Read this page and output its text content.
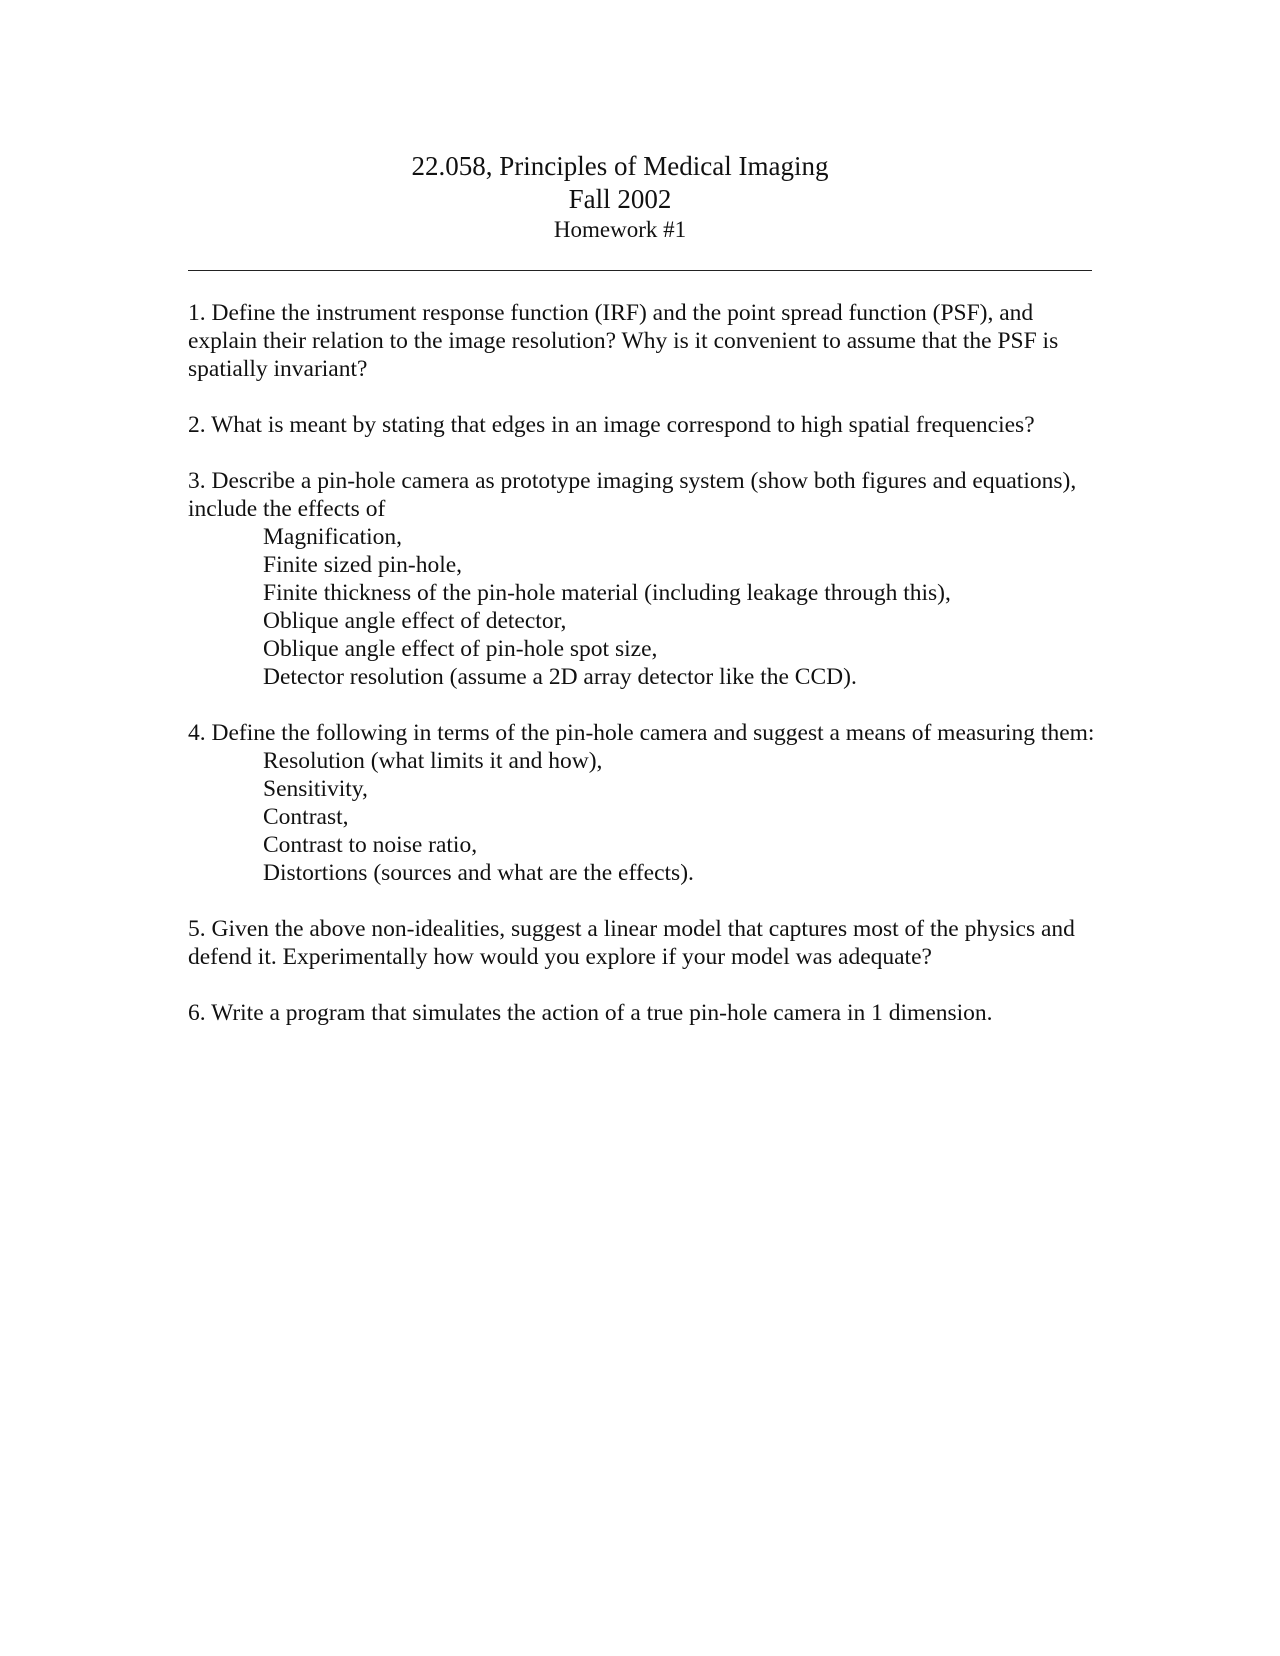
22.058, Principles of Medical Imaging
Fall 2002
Homework #1

1. Define the instrument response function (IRF) and the point spread function (PSF), and explain their relation to the image resolution? Why is it convenient to assume that the PSF is spatially invariant?

2. What is meant by stating that edges in an image correspond to high spatial frequencies?

3. Describe a pin-hole camera as prototype imaging system (show both figures and equations), include the effects of

Magnification,
Finite sized pin-hole,
Finite thickness of the pin-hole material (including leakage through this),
Oblique angle effect of detector,
Oblique angle effect of pin-hole spot size,
Detector resolution (assume a 2D array detector like the CCD).

4. Define the following in terms of the pin-hole camera and suggest a means of measuring them:

Resolution (what limits it and how),
Sensitivity,
Contrast,
Contrast to noise ratio,
Distortions (sources and what are the effects).

5. Given the above non-idealities, suggest a linear model that captures most of the physics and defend it. Experimentally how would you explore if your model was adequate?

6. Write a program that simulates the action of a true pin-hole camera in 1 dimension.
